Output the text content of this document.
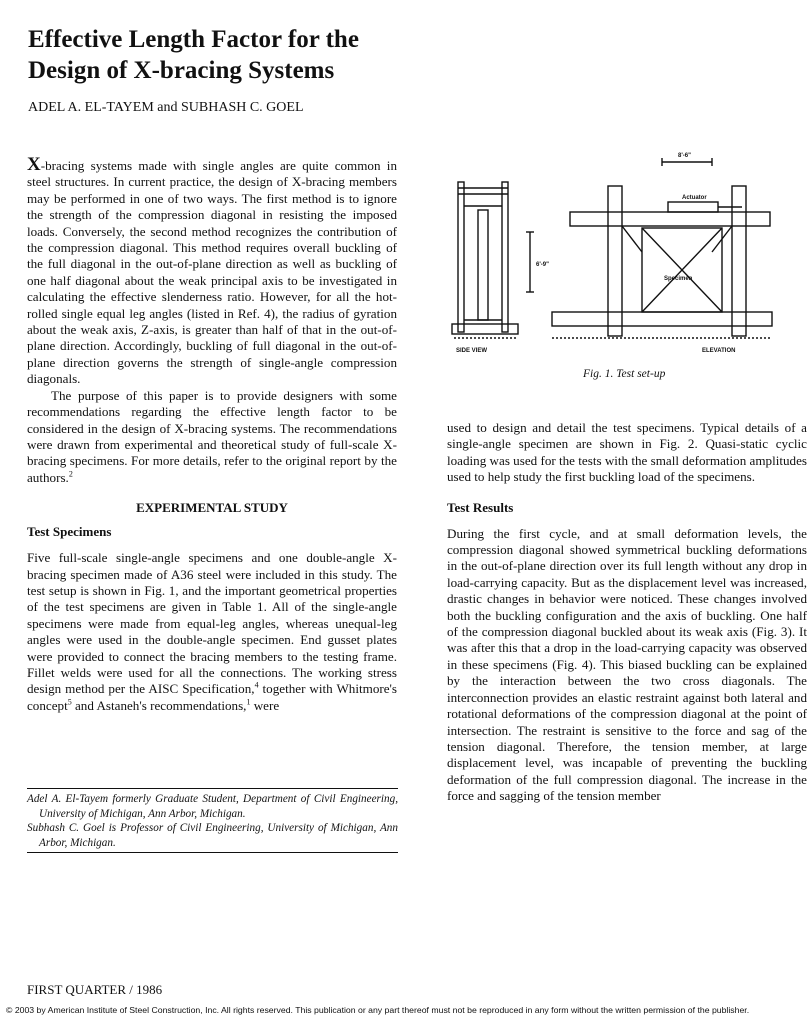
Effective Length Factor for the
Design of X-bracing Systems
ADEL A. EL-TAYEM and SUBHASH C. GOEL

X-bracing systems made with single angles are quite common in steel structures. In current practice, the design of X-bracing members may be performed in one of two ways. The first method is to ignore the strength of the compression diagonal in resisting the imposed loads. Conversely, the second method recognizes the contribution of the compression diagonal. This method requires overall buckling of the full diagonal in the out-of-plane direction as well as buckling of one half diagonal about the weak principal axis to be investigated in calculating the effective slenderness ratio. However, for all the hot-rolled single equal leg angles (listed in Ref. 4), the radius of gyration about the weak axis, Z-axis, is greater than half of that in the out-of-plane direction. Accordingly, buckling of full diagonal in the out-of-plane direction governs the strength of single-angle compression diagonals.

The purpose of this paper is to provide designers with some recommendations regarding the effective length factor to be considered in the design of X-bracing systems. The recommendations were drawn from experimental and theoretical study of full-scale X-bracing specimens. For more details, refer to the original report by the authors.$^2$

EXPERIMENTAL STUDY
Test Specimens

Five full-scale single-angle specimens and one double-angle X-bracing specimen made of A36 steel were included in this study. The test setup is shown in Fig. 1, and the important geometrical properties of the test specimens are given in Table 1. All of the single-angle specimens were made from equal-leg angles, whereas unequal-leg angles were used in the double-angle specimen. End gusset plates were provided to connect the bracing members to the testing frame. Fillet welds were used for all the connections. The working stress design method per the AISC Specification,$^4$ together with Whitmore's concept$^5$ and Astaneh's recommendations,$^1$ were

Adel A. El-Tayem formerly Graduate Student, Department of Civil Engineering, University of Michigan, Ann Arbor, Michigan.

Subhash C. Goel is Professor of Civil Engineering, University of Michigan, Ann Arbor, Michigan.

SIDE VIEW	ELEVATION
Actuator
Specimen
8'-6"
6'-9"
Fig. 1. Test set-up

used to design and detail the test specimens. Typical details of a single-angle specimen are shown in Fig. 2. Quasi-static cyclic loading was used for the tests with the small deformation amplitudes used to help study the first buckling load of the specimens.

Test Results

During the first cycle, and at small deformation levels, the compression diagonal showed symmetrical buckling deformations in the out-of-plane direction over its full length without any drop in load-carrying capacity. But as the displacement level was increased, drastic changes in behavior were noticed. These changes involved both the buckling configuration and the axis of buckling. One half of the compression diagonal buckled about its weak axis (Fig. 3). It was after this that a drop in the load-carrying capacity was observed in these specimens (Fig. 4). This biased buckling can be explained by the interaction between the two cross diagonals. The interconnection provides an elastic restraint against both lateral and rotational deformations of the compression diagonal at the point of intersection. The restraint is sensitive to the force and sag of the tension diagonal. Therefore, the tension member, at large displacement level, was incapable of preventing the buckling deformation of the full compression diagonal. The increase in the force and sagging of the tension member

FIRST QUARTER / 1986
© 2003 by American Institute of Steel Construction, Inc. All rights reserved. This publication or any part thereof must not be reproduced in any form without the written permission of the publisher.
